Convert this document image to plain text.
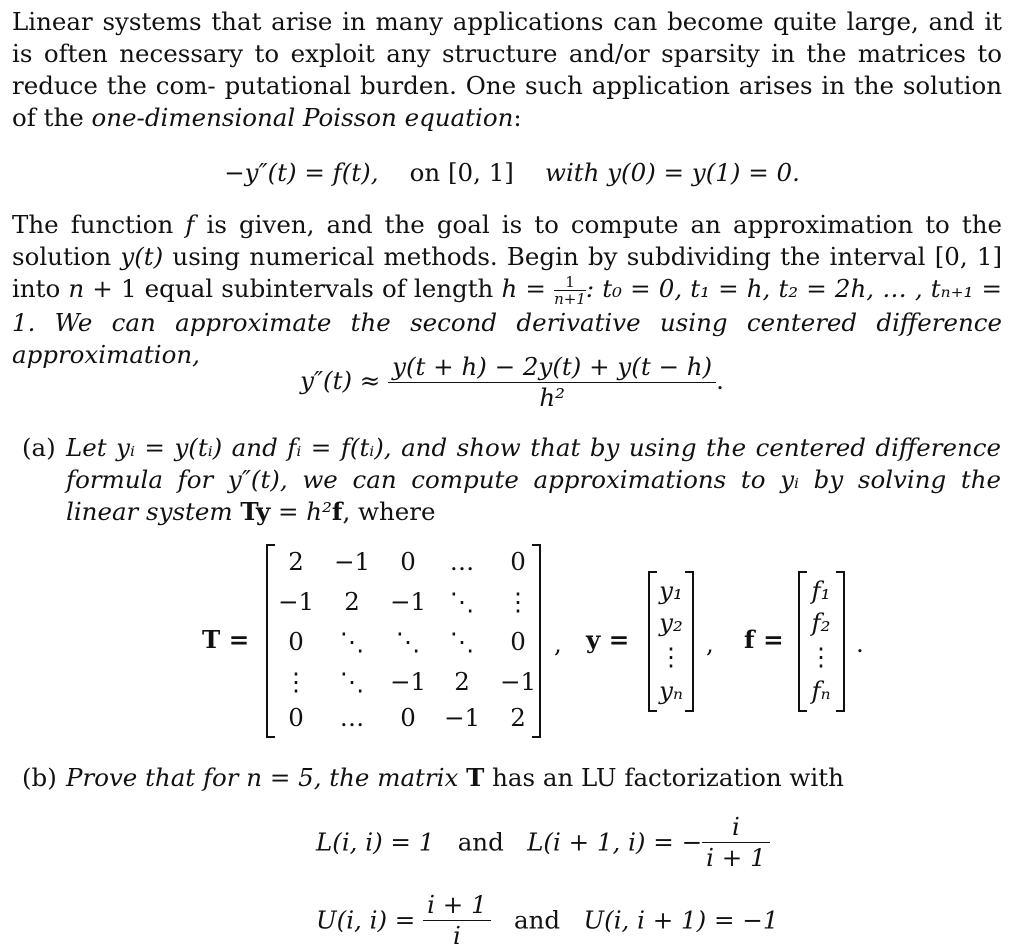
Linear systems that arise in many applications can become quite large, and it is often necessary to exploit any structure and/or sparsity in the matrices to reduce the com- putational burden. One such application arises in the solution of the one-dimensional Poisson equation:
−y″(t) = f(t), on [0, 1] with y(0) = y(1) = 0.
The function f is given, and the goal is to compute an approximation to the solution y(t) using numerical methods. Begin by subdividing the interval [0, 1] into n + 1 equal subintervals of length $h = \frac{1}{n+1}$ : t₀ = 0, t₁ = h, t₂ = 2h, … , tₙ₊₁ = 1. We can approximate the second derivative using centered difference approximation,
$y''(t) \approx \frac{y(t + h) - 2y(t) + y(t - h)}{\text{h²}}$ .
(a) Let yᵢ = y(tᵢ) and fᵢ = f(tᵢ), and show that by using the centered difference formula for y″(t), we can compute approximations to yᵢ by solving the linear system Ty = h²f, where
T =
2	−1	0	…	0
−1	2	−1 ⋱	⋮
0	⋱	⋱	⋱	0
⋮	⋱	−1	2	−1
0	…	0	−1	2
, y =
y₁
y₂
⋮
yₙ
, f =
f₁
f₂
⋮
fₙ
.
(b) Prove that for n = 5, the matrix T has an LU factorization with
L(i, i) = 1 and L(i + 1, i) = − $\frac{i}{i + 1}$
U(i, $i) = \frac{i + 1}{i}$ and U(i, i + 1) = −1
